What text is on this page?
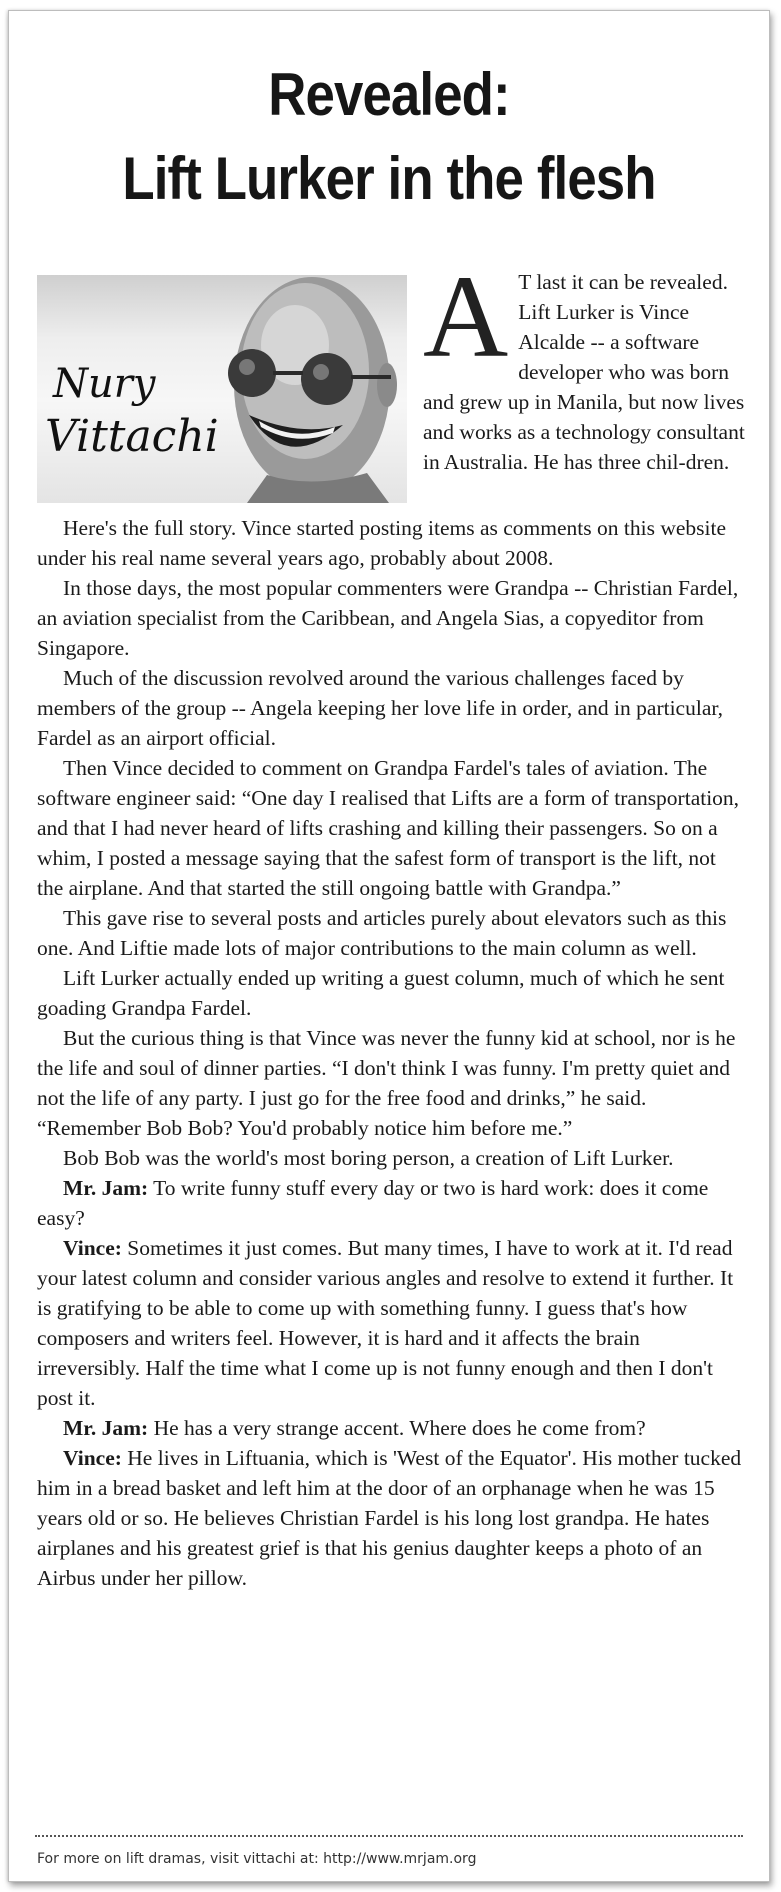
Revealed:
Lift Lurker in the flesh
Nury
Vittachi
A T last it can be revealed. Lift Lurker is Vince Alcalde -- a software developer who was born and grew up in Manila, but now lives and works as a technology consultant in Australia. He has three chil-dren.

Here's the full story. Vince started posting items as comments on this website under his real name several years ago, probably about 2008.

In those days, the most popular commenters were Grandpa -- Christian Fardel, an aviation specialist from the Caribbean, and Angela Sias, a copyeditor from Singapore.

Much of the discussion revolved around the various challenges faced by members of the group -- Angela keeping her love life in order, and in particular, Fardel as an airport official.

Then Vince decided to comment on Grandpa Fardel's tales of aviation. The software engineer said: “One day I realised that Lifts are a form of transportation, and that I had never heard of lifts crashing and killing their passengers. So on a whim, I posted a message saying that the safest form of transport is the lift, not the airplane. And that started the still ongoing battle with Grandpa.”

This gave rise to several posts and articles purely about elevators such as this one. And Liftie made lots of major contributions to the main column as well.

Lift Lurker actually ended up writing a guest column, much of which he sent goading Grandpa Fardel.

But the curious thing is that Vince was never the funny kid at school, nor is he the life and soul of dinner parties. “I don't think I was funny. I'm pretty quiet and not the life of any party. I just go for the free food and drinks,” he said. “Remember Bob Bob? You'd probably notice him before me.”

Bob Bob was the world's most boring person, a creation of Lift Lurker.

Mr. Jam: To write funny stuff every day or two is hard work: does it come easy?

Vince: Sometimes it just comes. But many times, I have to work at it. I'd read your latest column and consider various angles and resolve to extend it further. It is gratifying to be able to come up with something funny. I guess that's how composers and writers feel. However, it is hard and it affects the brain irreversibly. Half the time what I come up is not funny enough and then I don't post it.

Mr. Jam: He has a very strange accent. Where does he come from?

Vince: He lives in Liftuania, which is 'West of the Equator'. His mother tucked him in a bread basket and left him at the door of an orphanage when he was 15 years old or so. He believes Christian Fardel is his long lost grandpa. He hates airplanes and his greatest grief is that his genius daughter keeps a photo of an Airbus under her pillow.

For more on lift dramas, visit vittachi at: http://www.mrjam.org
